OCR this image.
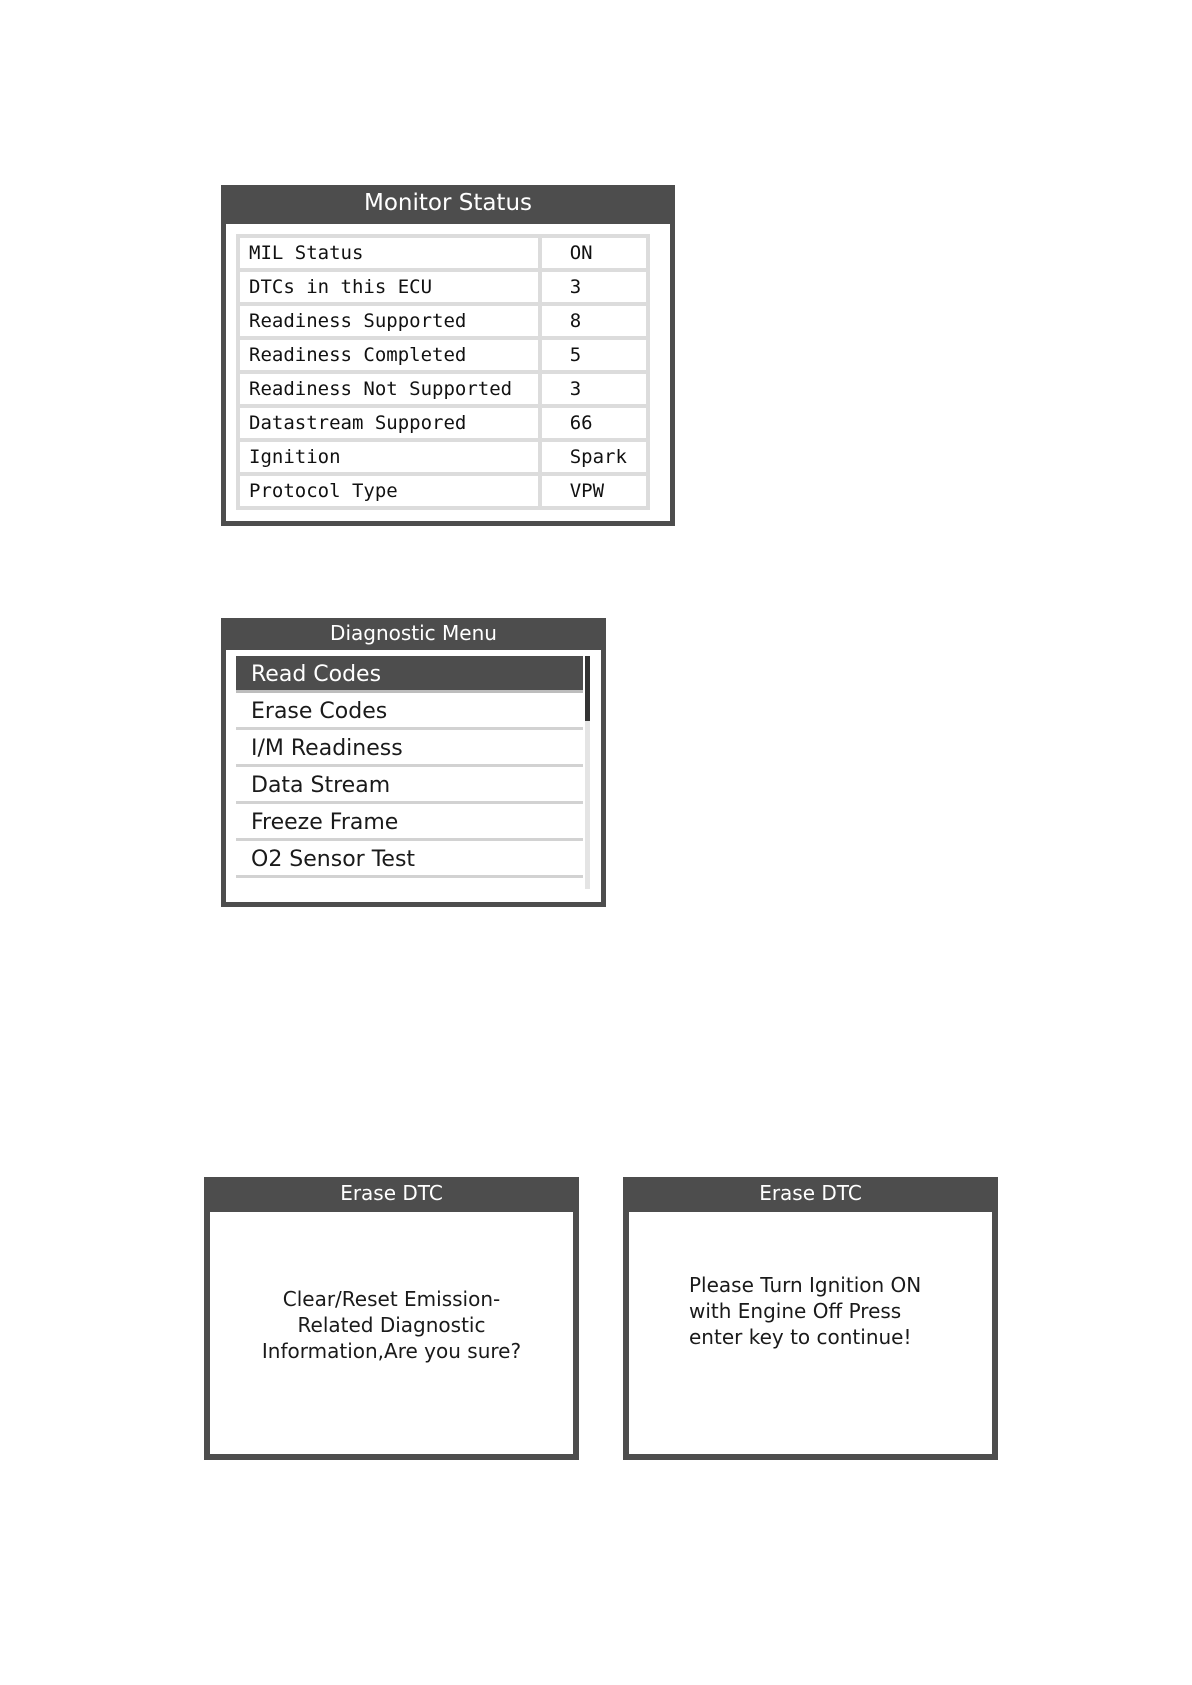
Monitor Status
MIL Status	ON
DTCs in this ECU	3
Readiness Supported	8
Readiness Completed	5
Readiness Not Supported	3
Datastream Suppored	66
Ignition	Spark
Protocol Type	VPW
Diagnostic Menu
Read Codes
Erase Codes
I/M Readiness
Data Stream
Freeze Frame
O2 Sensor Test
Erase DTC
Clear/Reset Emission-
Related Diagnostic
Information,Are you sure?
Erase DTC
Please Turn Ignition ON
with Engine Off Press
enter key to continue!
